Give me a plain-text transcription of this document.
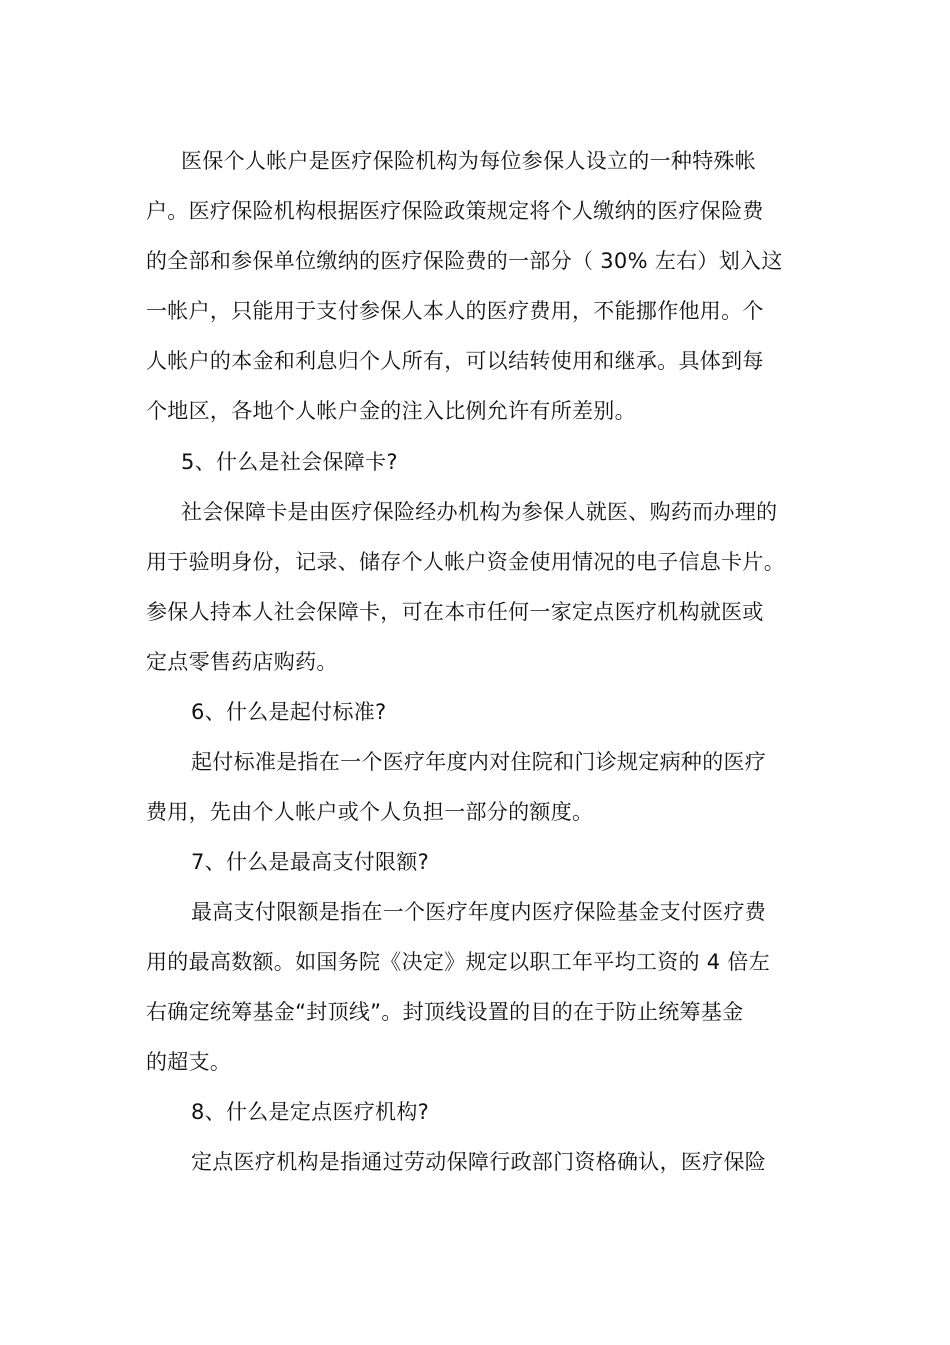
医保个人帐户是医疗保险机构为每位参保人设立的一种特殊帐
户。医疗保险机构根据医疗保险政策规定将个人缴纳的医疗保险费
的全部和参保单位缴纳的医疗保险费的一部分（ 30% 左右）划入这
一帐户，只能用于支付参保人本人的医疗费用，不能挪作他用。个
人帐户的本金和利息归个人所有，可以结转使用和继承。具体到每
个地区，各地个人帐户金的注入比例允许有所差别。
5、什么是社会保障卡?
社会保障卡是由医疗保险经办机构为参保人就医、购药而办理的
用于验明身份，记录、储存个人帐户资金使用情况的电子信息卡片。
参保人持本人社会保障卡，可在本市任何一家定点医疗机构就医或
定点零售药店购药。
6、什么是起付标准?
起付标准是指在一个医疗年度内对住院和门诊规定病种的医疗
费用，先由个人帐户或个人负担一部分的额度。
7、什么是最高支付限额?
最高支付限额是指在一个医疗年度内医疗保险基金支付医疗费
用的最高数额。如国务院《决定》规定以职工年平均工资的 4 倍左
右确定统筹基金“封顶线”。封顶线设置的目的在于防止统筹基金
的超支。
8、什么是定点医疗机构?
定点医疗机构是指通过劳动保障行政部门资格确认，医疗保险
